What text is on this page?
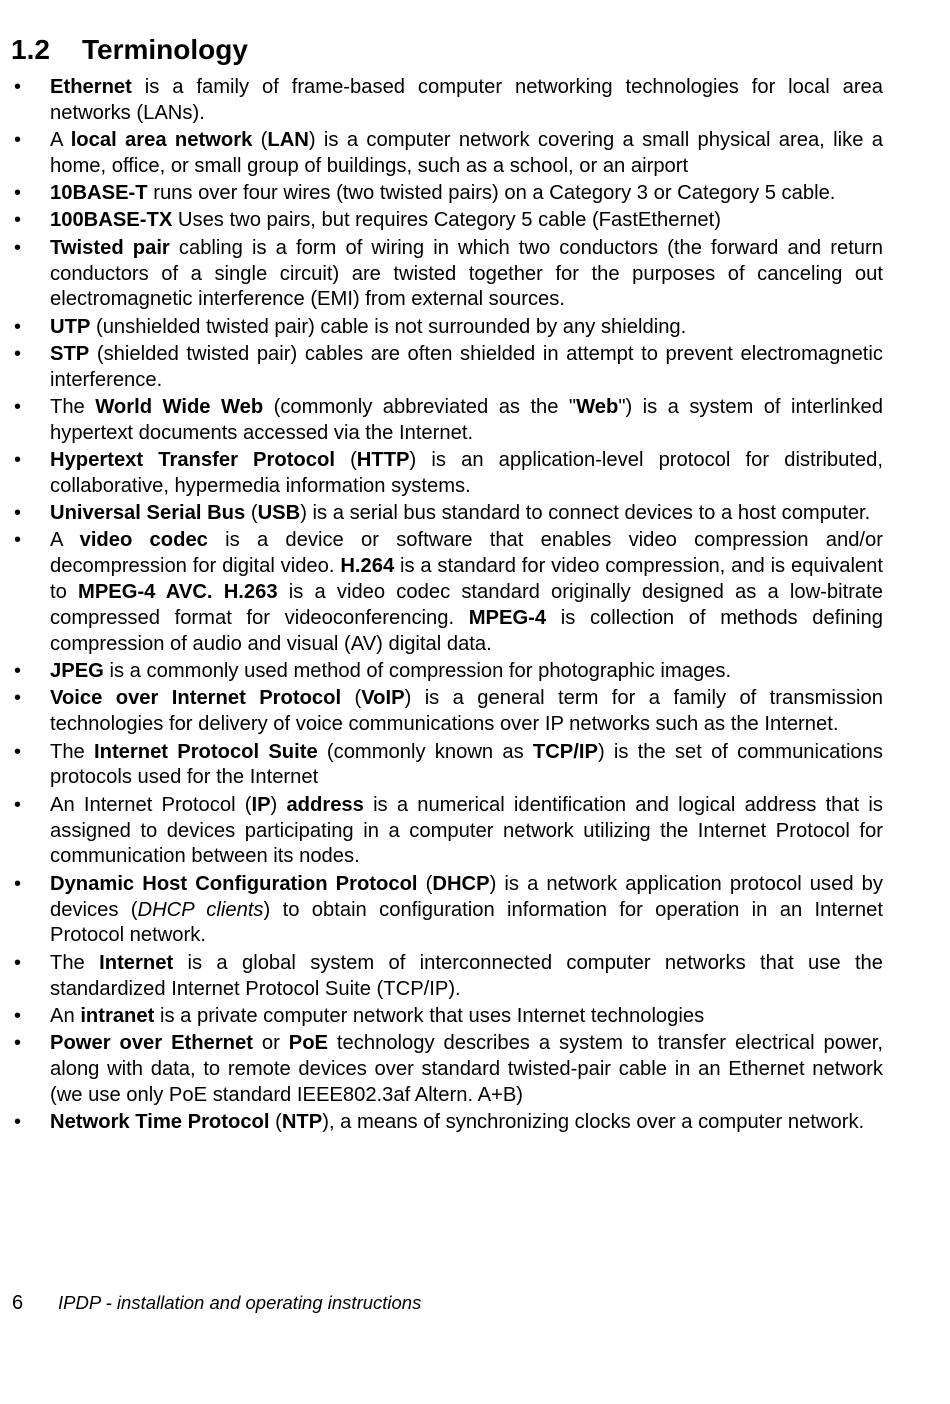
1.2 Terminology
• Ethernet is a family of frame-based computer networking technologies for local area networks (LANs).
• A local area network (LAN) is a computer network covering a small physical area, like a home, office, or small group of buildings, such as a school, or an airport
• 10BASE-T runs over four wires (two twisted pairs) on a Category 3 or Category 5 cable.
• 100BASE-TX Uses two pairs, but requires Category 5 cable (FastEthernet)
• Twisted pair cabling is a form of wiring in which two conductors (the forward and return conductors of a single circuit) are twisted together for the purposes of canceling out electromagnetic interference (EMI) from external sources.
• UTP (unshielded twisted pair) cable is not surrounded by any shielding.
• STP (shielded twisted pair) cables are often shielded in attempt to prevent electromagnetic interference.
• The World Wide Web (commonly abbreviated as the "Web") is a system of interlinked hypertext documents accessed via the Internet.
• Hypertext Transfer Protocol (HTTP) is an application-level protocol for distributed, collaborative, hypermedia information systems.
• Universal Serial Bus (USB) is a serial bus standard to connect devices to a host computer.
• A video codec is a device or software that enables video compression and/or decompression for digital video. H.264 is a standard for video compression, and is equivalent to MPEG-4 AVC. H.263 is a video codec standard originally designed as a low-bitrate compressed format for videoconferencing. MPEG-4 is collection of methods defining compression of audio and visual (AV) digital data.
• JPEG is a commonly used method of compression for photographic images.
• Voice over Internet Protocol (VoIP) is a general term for a family of transmission technologies for delivery of voice communications over IP networks such as the Internet.
• The Internet Protocol Suite (commonly known as TCP/IP) is the set of communications protocols used for the Internet
• An Internet Protocol (IP) address is a numerical identification and logical address that is assigned to devices participating in a computer network utilizing the Internet Protocol for communication between its nodes.
• Dynamic Host Configuration Protocol (DHCP) is a network application protocol used by devices (DHCP clients) to obtain configuration information for operation in an Internet Protocol network.
• The Internet is a global system of interconnected computer networks that use the standardized Internet Protocol Suite (TCP/IP).
• An intranet is a private computer network that uses Internet technologies
• Power over Ethernet or PoE technology describes a system to transfer electrical power, along with data, to remote devices over standard twisted-pair cable in an Ethernet network (we use only PoE standard IEEE802.3af Altern. A+B)
• Network Time Protocol (NTP), a means of synchronizing clocks over a computer network.
6 IPDP - installation and operating instructions
